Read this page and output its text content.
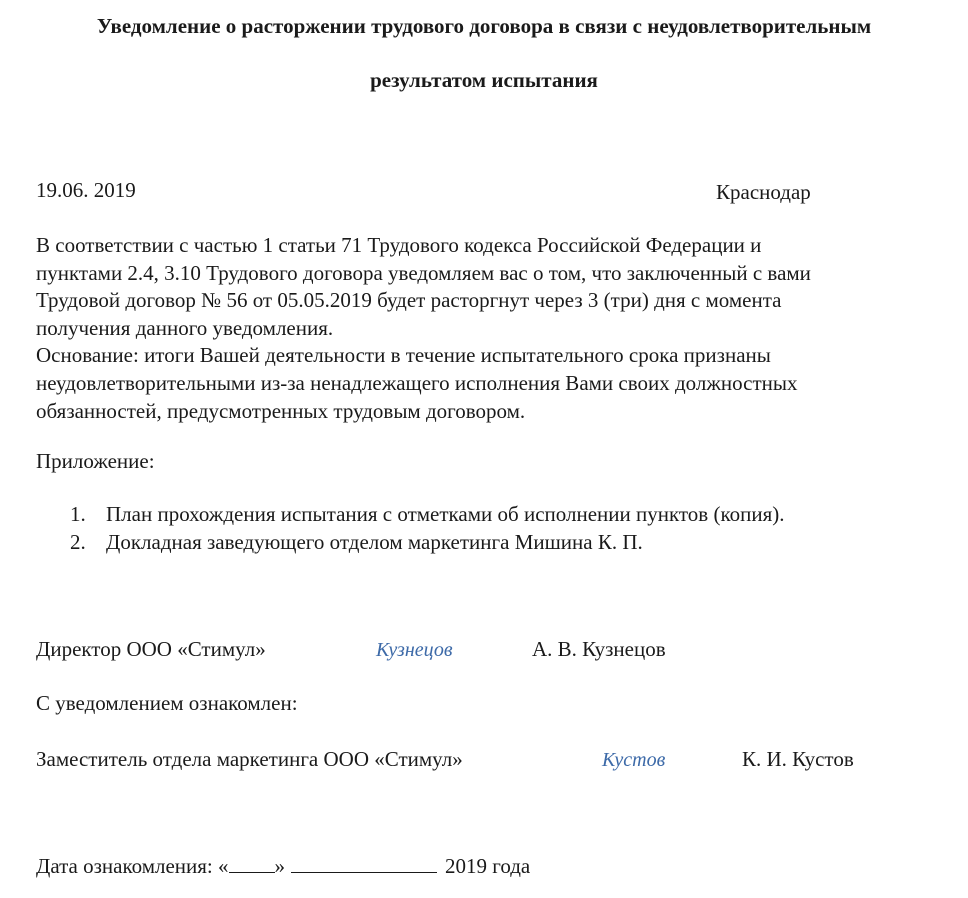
Уведомление о расторжении трудового договора в связи с неудовлетворительным
результатом испытания
19.06. 2019	Краснодар
В соответствии с частью 1 статьи 71 Трудового кодекса Российской Федерации и
пунктами 2.4, 3.10 Трудового договора уведомляем вас о том, что заключенный с вами
Трудовой договор № 56 от 05.05.2019 будет расторгнут через 3 (три) дня с момента
получения данного уведомления.
Основание: итоги Вашей деятельности в течение испытательного срока признаны
неудовлетворительными из-за ненадлежащего исполнения Вами своих должностных
обязанностей, предусмотренных трудовым договором.
Приложение:
1. План прохождения испытания с отметками об исполнении пунктов (копия).
2. Докладная заведующего отделом маркетинга Мишина К. П.
Директор ООО «Стимул»	Кузнецов	А. В. Кузнецов
С уведомлением ознакомлен:
Заместитель отдела маркетинга ООО «Стимул»	Кустов	К. И. Кустов
Дата ознакомления: « »	2019 года
